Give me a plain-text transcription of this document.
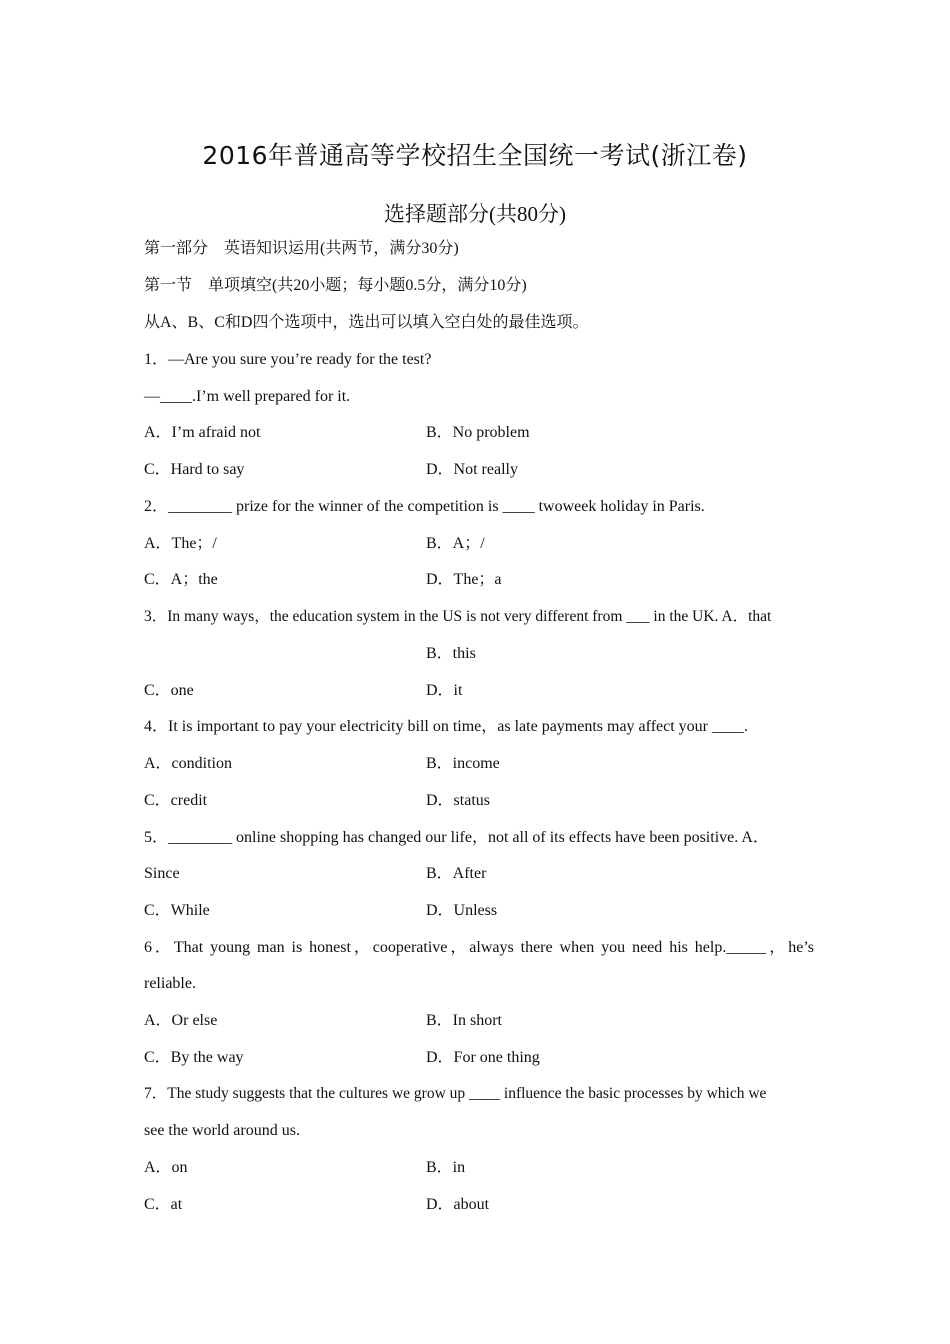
2016年普通高等学校招生全国统一考试(浙江卷)
选择题部分(共80分)
第一部分　英语知识运用(共两节，满分30分)
第一节　单项填空(共20小题；每小题0.5分，满分10分)
从A、B、C和D四个选项中，选出可以填入空白处的最佳选项。
1．—Are you sure you’re ready for the test?
—____.I’m well prepared for it.
A．I’m afraid not	B．No problem
C．Hard to say	D．Not really
2．________ prize for the winner of the competition is ____ twoweek holiday in Paris.
A．The；/	B．A；/
C．A；the	D．The；a
3．In many ways，the education system in the US is not very different from ___ in the UK. A．that
B．this
C．one	D．it
4．It is important to pay your electricity bill on time，as late payments may affect your ____.
A．condition	B．income
C．credit	D．status
5．________ online shopping has changed our life，not all of its effects have been positive. A．
Since	B．After
C．While	D．Unless
6．That young man is honest，cooperative，always there when you need his help._____，he’s
reliable.
A．Or else	B．In short
C．By the way	D．For one thing
7．The study suggests that the cultures we grow up ____ influence the basic processes by which we
see the world around us.
A．on	B．in
C．at	D．about
